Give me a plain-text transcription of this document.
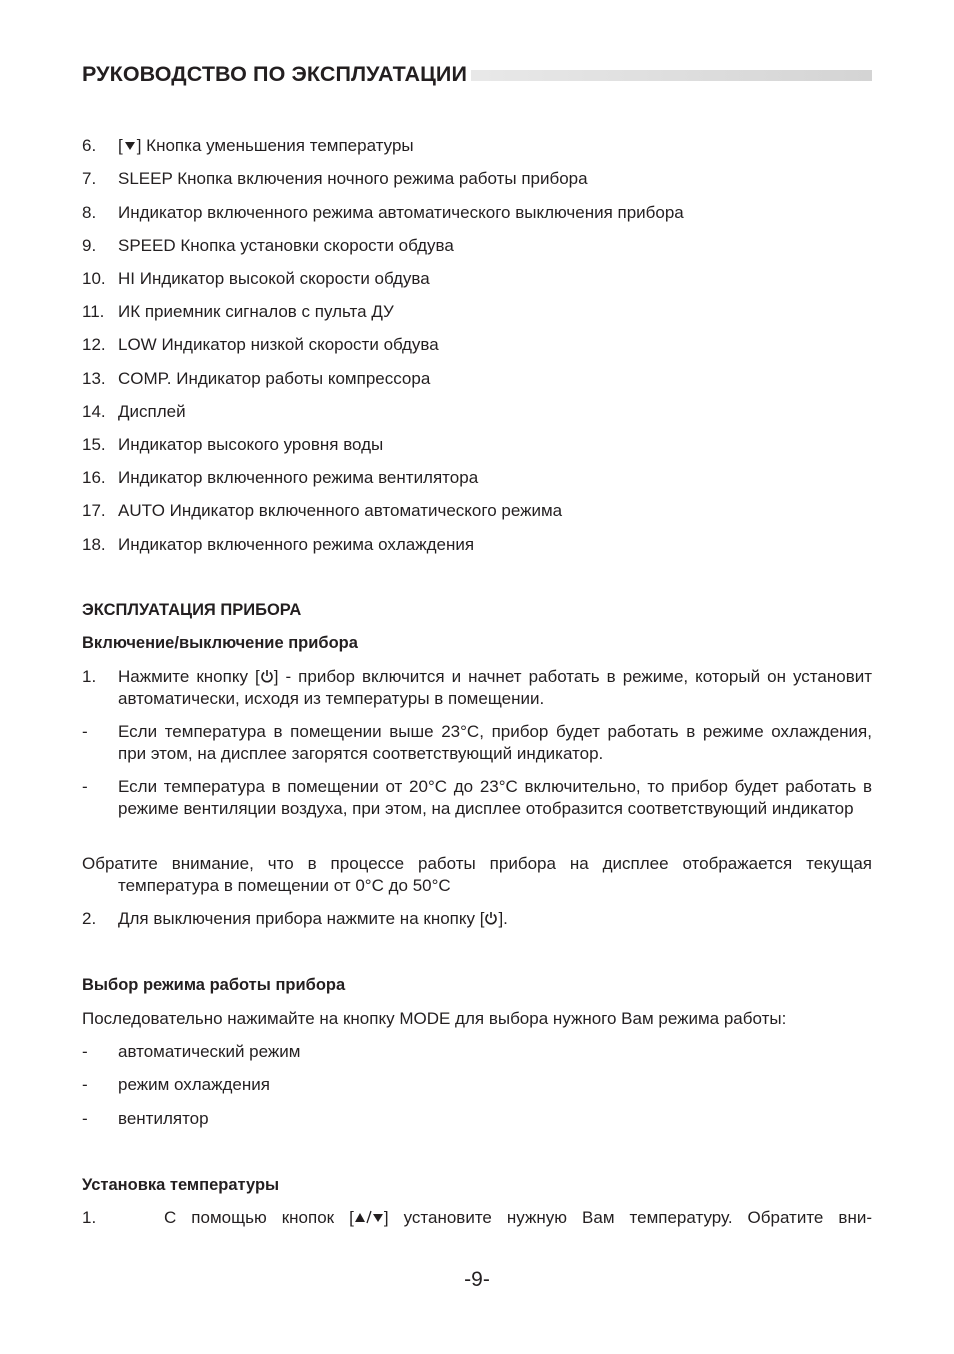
РУКОВОДСТВО ПО ЭКСПЛУАТАЦИИ
6. [ ] Кнопка уменьшения температуры
7. SLEEP Кнопка включения ночного режима работы прибора
8. Индикатор включенного режима автоматического выключения прибора
9. SPEED Кнопка установки скорости обдува
10. HI Индикатор высокой скорости обдува
11. ИК приемник сигналов с пульта ДУ
12. LOW Индикатор низкой скорости обдува
13. COMP. Индикатор работы компрессора
14. Дисплей
15. Индикатор высокого уровня воды
16. Индикатор включенного режима вентилятора
17. AUTO Индикатор включенного автоматического режима
18. Индикатор включенного режима охлаждения
ЭКСПЛУАТАЦИЯ ПРИБОРА
Включение/выключение прибора
1. Нажмите кнопку [ ] - прибор включится и начнет работать в режиме, который он установит автоматически, исходя из температуры в помещении.
- Если температура в помещении выше 23°С, прибор будет работать в режиме охлаждения, при этом, на дисплее загорятся соответствующий индикатор.
- Если температура в помещении от 20°С до 23°С включительно, то прибор будет работать в режиме вентиляции воздуха, при этом, на дисплее отобразится соответствующий индикатор
Обратите внимание, что в процессе работы прибора на дисплее отображается текущая температура в помещении от 0°С до 50°С
2. Для выключения прибора нажмите на кнопку [ ].
Выбор режима работы прибора
Последовательно нажимайте на кнопку MODE для выбора нужного Вам режима работы:
- автоматический режим
- режим охлаждения
- вентилятор
Установка температуры
1.	С помощью кнопок [ ] установите нужную Вам температуру. Обратите вни-
-9-
